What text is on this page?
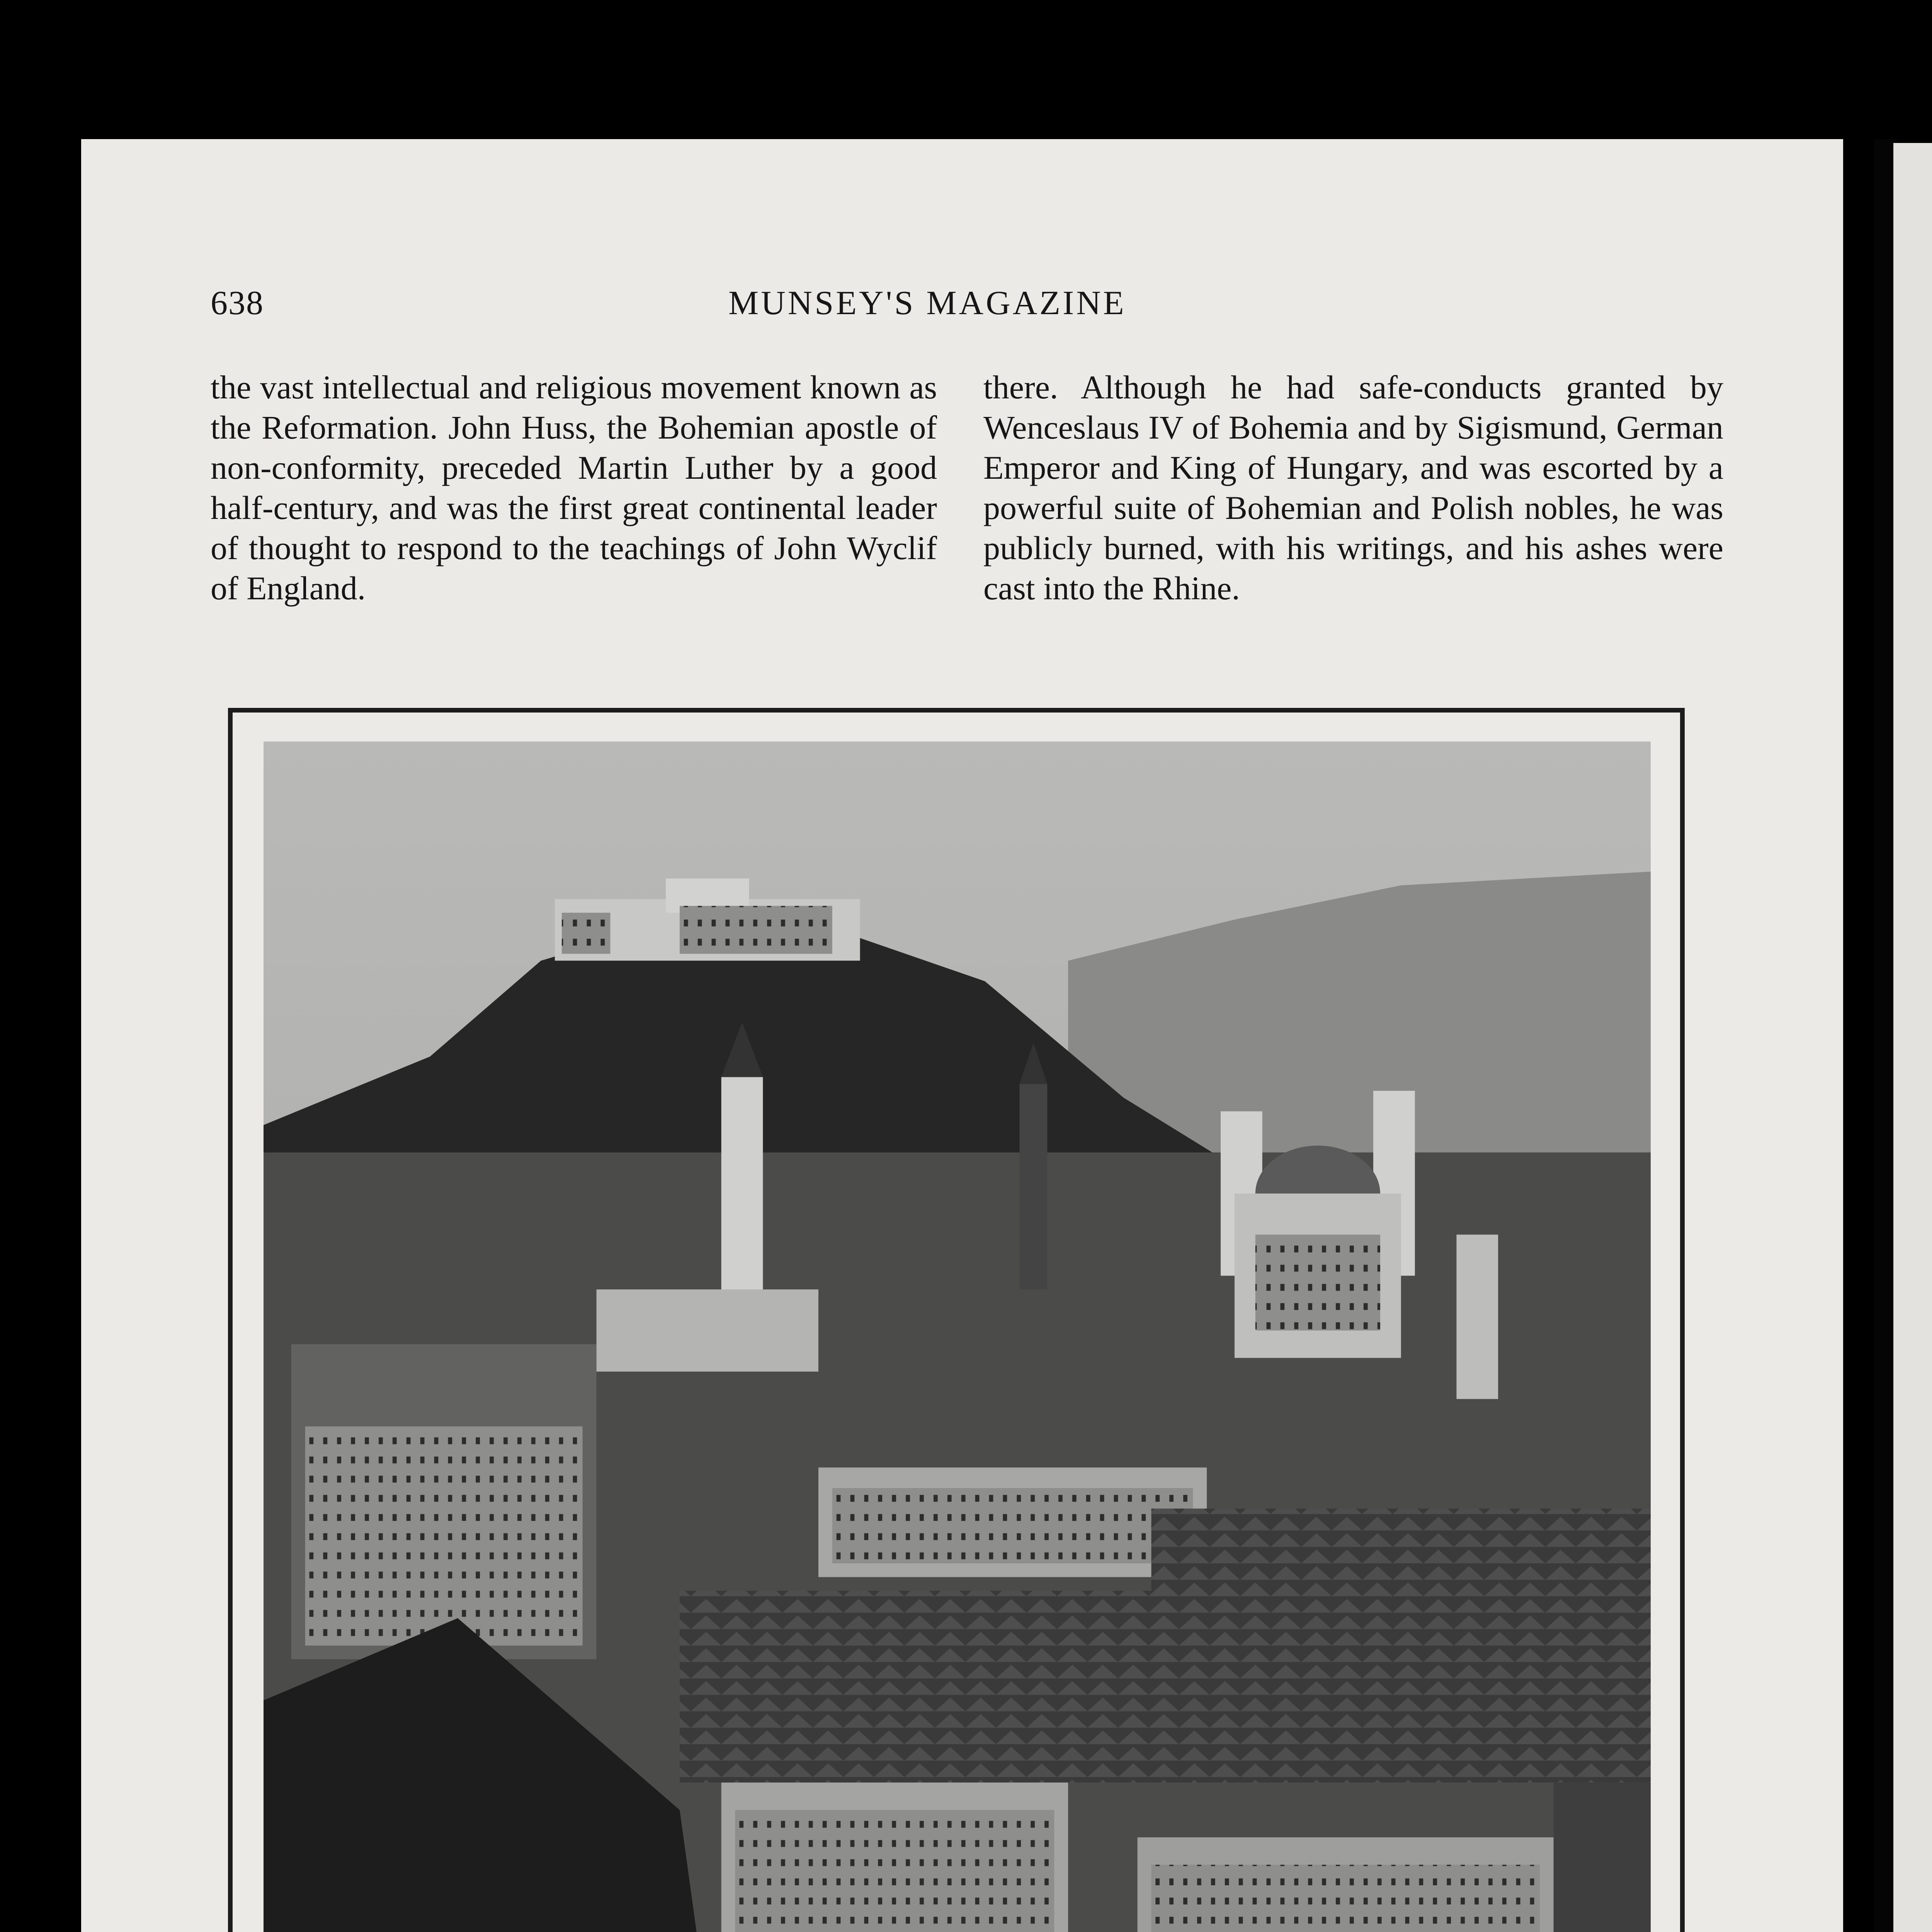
638	MUNSEY'S MAGAZINE

the vast intellectual and religious movement known as the Reformation. John Huss, the Bohemian apostle of non-conformity, preceded Martin Luther by a good half-century, and was the first great continental leader of thought to respond to the teachings of John Wyclif of England.

there. Although he had safe-conducts granted by Wenceslaus IV of Bohemia and by Sigismund, German Emperor and King of Hungary, and was escorted by a powerful suite of Bohemian and Polish nobles, he was publicly burned, with his writings, and his ashes were cast into the Rhine.
